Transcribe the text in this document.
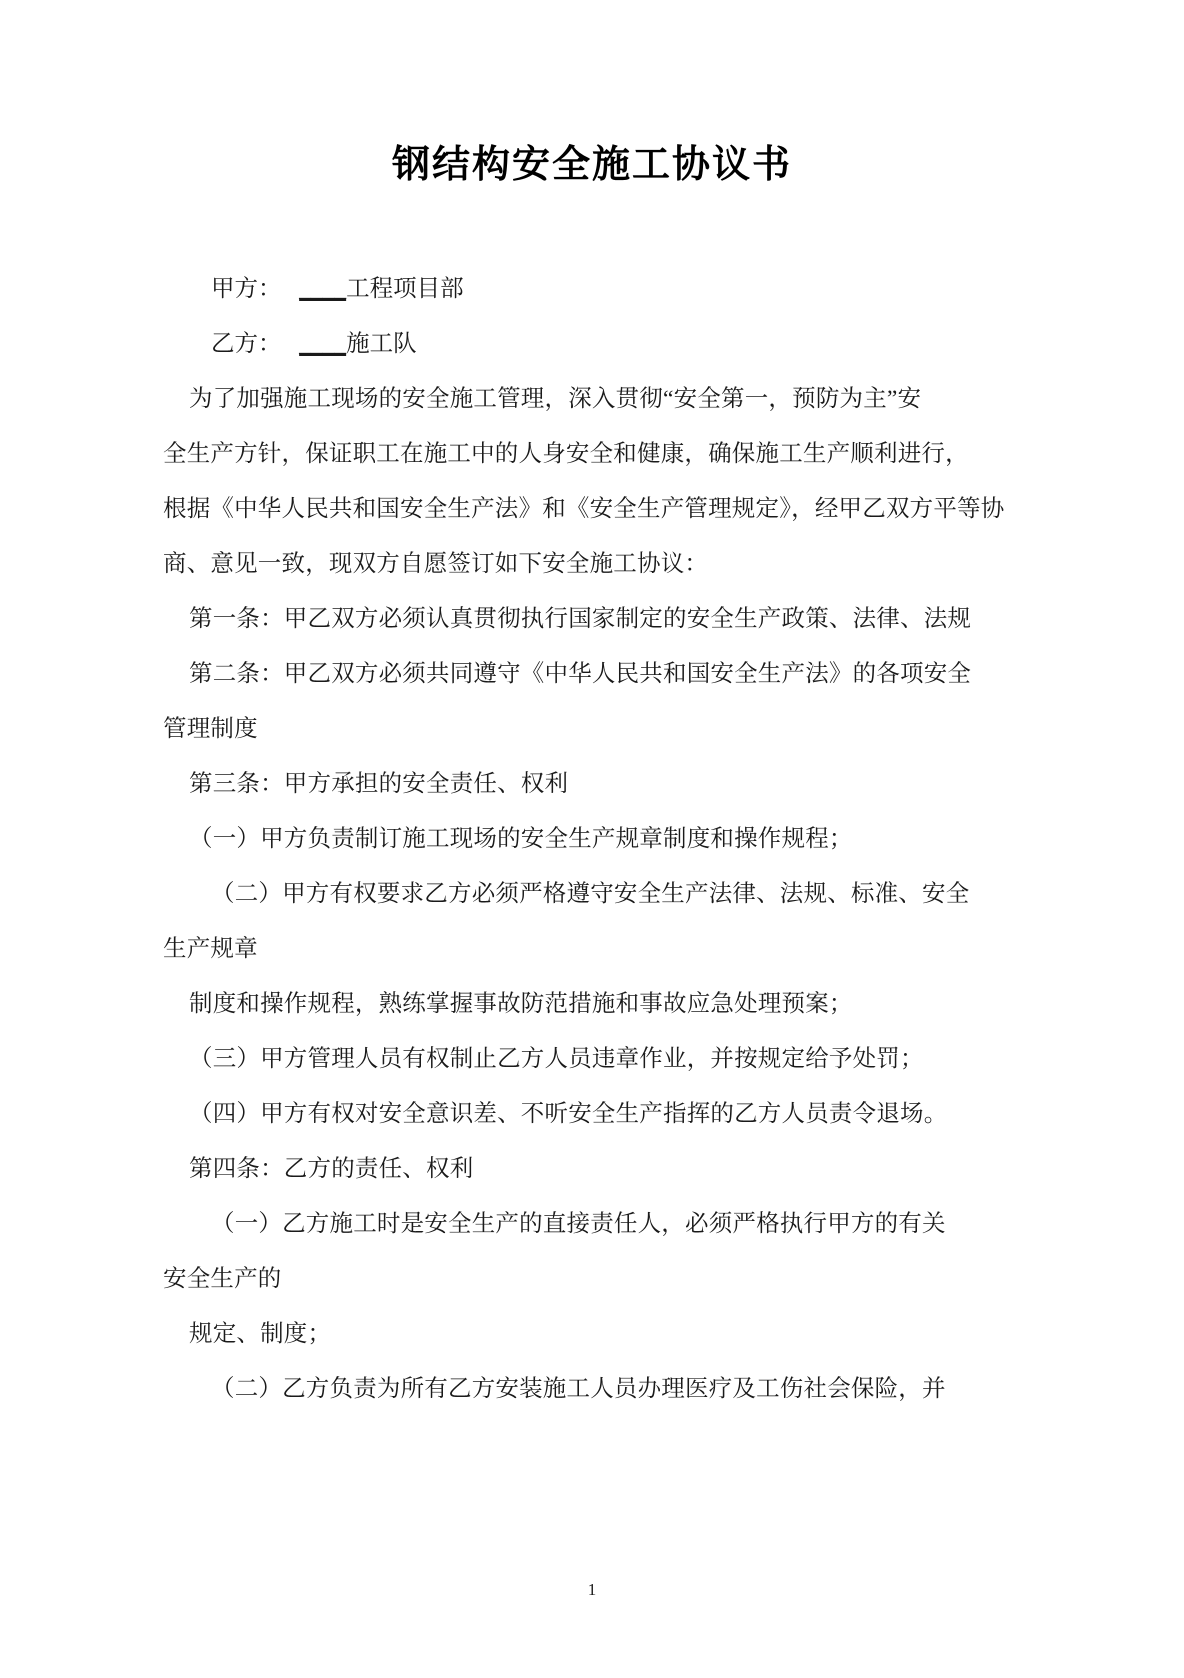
钢结构安全施工协议书
甲方： ____工程项目部
乙方： ____施工队
为了加强施工现场的安全施工管理，深入贯彻“安全第一，预防为主”安
全生产方针，保证职工在施工中的人身安全和健康，确保施工生产顺利进行，
根据《中华人民共和国安全生产法》和《安全生产管理规定》，经甲乙双方平等协
商、意见一致，现双方自愿签订如下安全施工协议：
第一条：甲乙双方必须认真贯彻执行国家制定的安全生产政策、法律、法规
第二条：甲乙双方必须共同遵守《中华人民共和国安全生产法》的各项安全
管理制度
第三条：甲方承担的安全责任、权利
（一）甲方负责制订施工现场的安全生产规章制度和操作规程；
（二）甲方有权要求乙方必须严格遵守安全生产法律、法规、标准、安全
生产规章
制度和操作规程，熟练掌握事故防范措施和事故应急处理预案；
（三）甲方管理人员有权制止乙方人员违章作业，并按规定给予处罚；
（四）甲方有权对安全意识差、不听安全生产指挥的乙方人员责令退场。
第四条：乙方的责任、权利
（一）乙方施工时是安全生产的直接责任人，必须严格执行甲方的有关
安全生产的
规定、制度；
（二）乙方负责为所有乙方安装施工人员办理医疗及工伤社会保险，并
1
